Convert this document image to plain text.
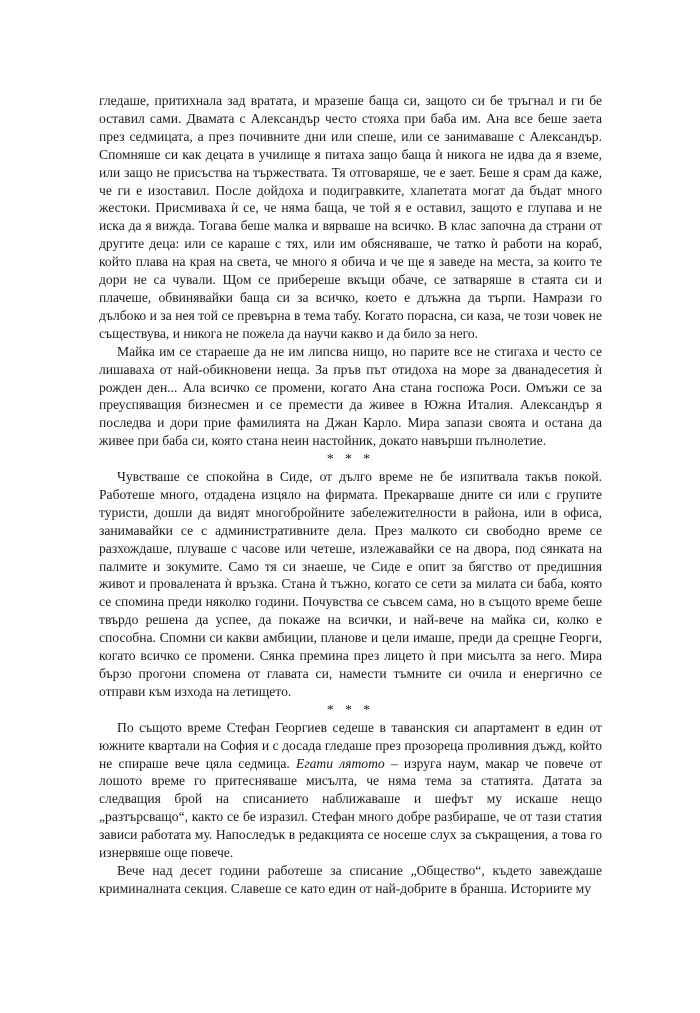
гледаше, притихнала зад вратата, и мразеше баща си, защото си бе тръгнал и ги бе оставил сами. Двамата с Александър често стояха при баба им. Ана все беше заета през седмицата, а през почивните дни или спеше, или се занимаваше с Александър. Спомняше си как децата в училище я питаха защо баща ѝ никога не идва да я вземе, или защо не присъства на тържествата. Тя отговаряше, че е зает. Беше я срам да каже, че ги е изоставил. После дойдоха и подигравките, хлапетата могат да бъдат много жестоки. Присмиваха ѝ се, че няма баща, че той я е оставил, защото е глупава и не иска да я вижда. Тогава беше малка и вярваше на всичко. В клас започна да страни от другите деца: или се караше с тях, или им обясняваше, че татко ѝ работи на кораб, който плава на края на света, че много я обича и че ще я заведе на места, за които те дори не са чували. Щом се прибереше вкъщи обаче, се затваряше в стаята си и плачеше, обвинявайки баща си за всичко, което е длъжна да търпи. Намрази го дълбоко и за нея той се превърна в тема табу. Когато порасна, си каза, че този човек не съществува, и никога не пожела да научи какво и да било за него.

Майка им се стараеше да не им липсва нищо, но парите все не стигаха и често се лишаваха от най-обикновени неща. За пръв път отидоха на море за дванадесетия ѝ рожден ден... Ала всичко се промени, когато Ана стана госпожа Роси. Омъжи се за преуспяващия бизнесмен и се премести да живее в Южна Италия. Александър я последва и дори приe фамилията на Джан Карло. Мира запази своята и остана да живее при баба си, която стана неин настойник, докато навърши пълнолетие.

* * *

Чувстваше се спокойна в Сиде, от дълго време не бе изпитвала такъв покой. Работеше много, отдадена изцяло на фирмата. Прекарваше дните си или с групите туристи, дошли да видят многобройните забележителности в района, или в офиса, занимавайки се с административните дела. През малкото си свободно време се разхождаше, плуваше с часове или четеше, излежавайки се на двора, под сянката на палмите и зокумите. Само тя си знаеше, че Сиде е опит за бягство от предишния живот и провалената ѝ връзка. Стана ѝ тъжно, когато се сети за милата си баба, която се спомина преди няколко години. Почувства се съвсем сама, но в същото време беше твърдо решена да успее, да покаже на всички, и най-вече на майка си, колко е способна. Спомни си какви амбиции, планове и цели имаше, преди да срещне Георги, когато всичко се промени. Сянка премина през лицето ѝ при мисълта за него. Мира бързо прогони спомена от главата си, намести тъмните си очила и енергично се отправи към изхода на летището.

* * *

По същото време Стефан Георгиев седеше в таванския си апартамент в един от южните квартали на София и с досада гледаше през прозореца проливния дъжд, който не спираше вече цяла седмица. Егати лятото – изруга наум, макар че повече от лошото време го притесняваше мисълта, че няма тема за статията. Датата за следващия брой на списанието наближаваше и шефът му искаше нещо „разтърсващо“, както се бе изразил. Стефан много добре разбираше, че от тази статия зависи работата му. Напоследък в редакцията се носеше слух за съкращения, а това го изнервяше още повече.

Вече над десет години работеше за списание „Общество“, където завеждаше криминалната секция. Славеше се като един от най-добрите в бранша. Историите му
